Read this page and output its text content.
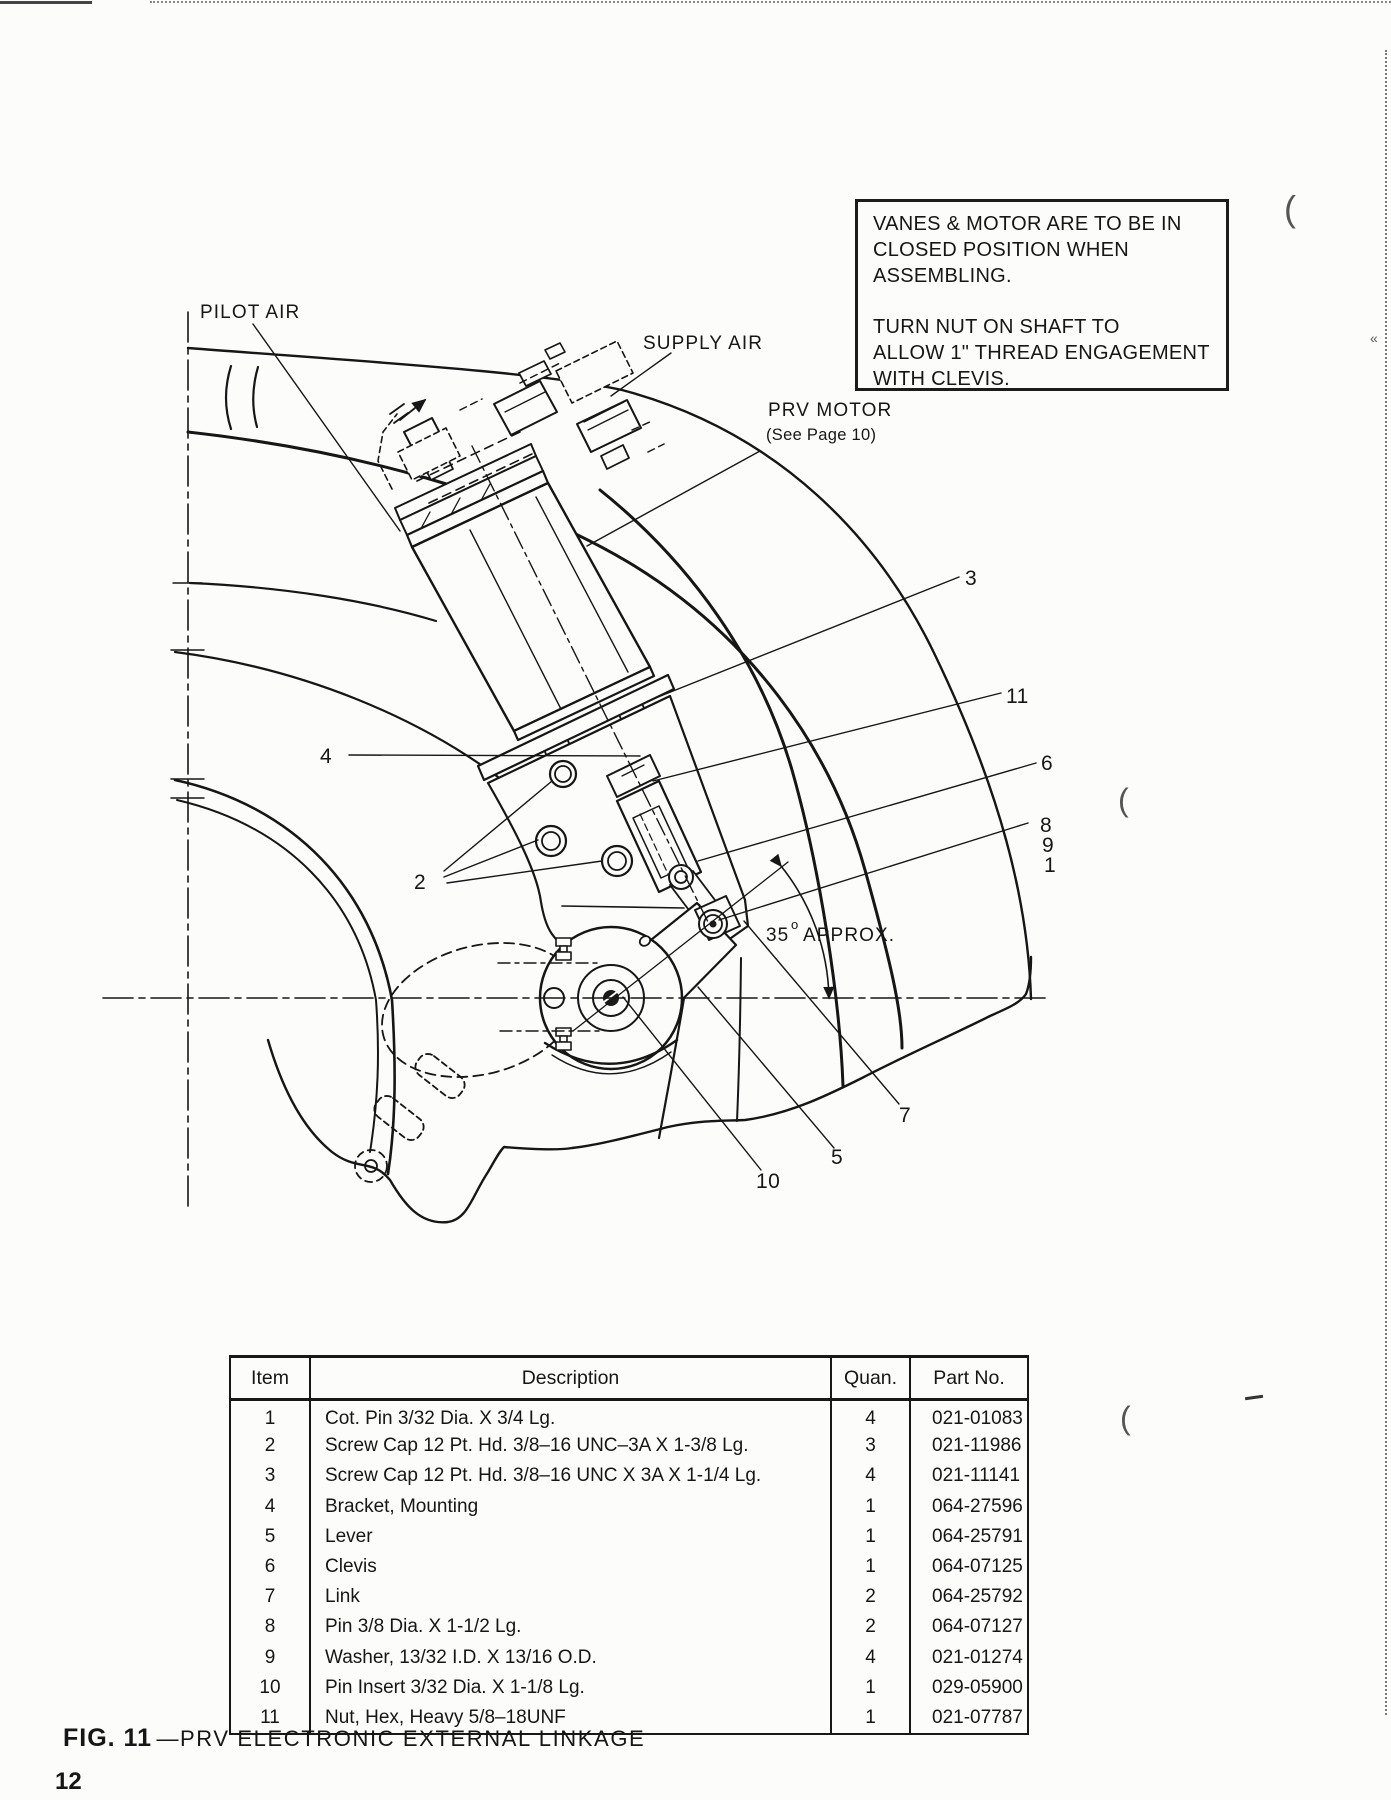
3
11
6
8
9
1
4
2
7
5
10
PILOT AIR
SUPPLY AIR
PRV MOTOR
(See Page 10)
35
o
APPROX.
VANES & MOTOR ARE TO BE IN
CLOSED POSITION WHEN
ASSEMBLING.
TURN NUT ON SHAFT TO
ALLOW 1" THREAD ENGAGEMENT
WITH CLEVIS.
Item	Description	Quan.	Part No.
1	Cot. Pin 3/32 Dia. X 3/4 Lg.	4	021-01083
2	Screw Cap 12 Pt. Hd. 3/8–16 UNC–3A X 1-3/8 Lg.	3	021-11986
3	Screw Cap 12 Pt. Hd. 3/8–16 UNC X 3A X 1-1/4 Lg.	4	021-11141
4	Bracket, Mounting	1	064-27596
5	Lever	1	064-25791
6	Clevis	1	064-07125
7	Link	2	064-25792
8	Pin 3/8 Dia. X 1-1/2 Lg.	2	064-07127
9	Washer, 13/32 I.D. X 13/16 O.D.	4	021-01274
10	Pin Insert 3/32 Dia. X 1-1/8 Lg.	1	029-05900
11	Nut, Hex, Heavy 5/8–18UNF	1	021-07787
FIG. 11 —PRV ELECTRONIC EXTERNAL LINKAGE
12
(
(
(
«
